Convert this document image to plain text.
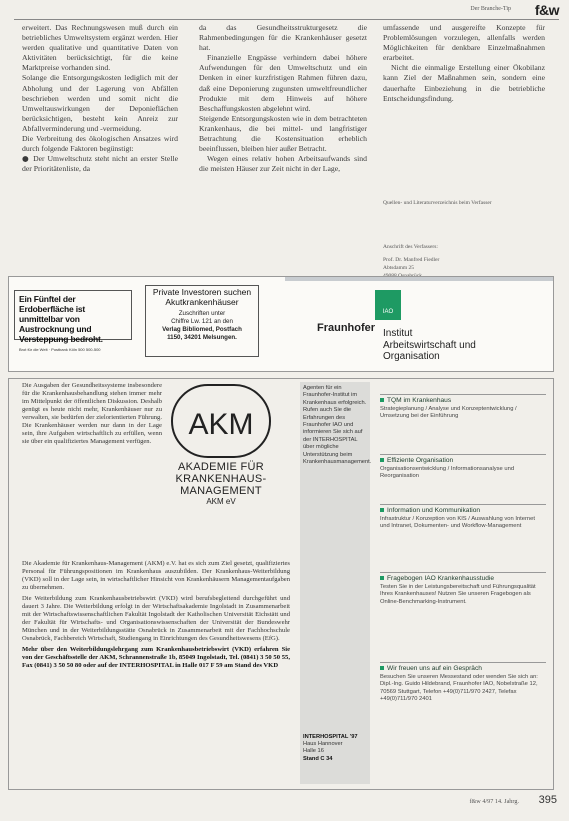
Der Branche-Tip f&w

erweitert. Das Rechnungswesen muß durch ein betriebliches Umweltsystem ergänzt werden. Hier werden qualitative und quantitative Daten von Aktivitäten berücksichtigt, für die keine Marktpreise vorhanden sind.

Solange die Entsorgungskosten lediglich mit der Abholung und der Lagerung von Abfällen beschrieben werden und somit nicht die Umweltauswirkungen der Deponieflächen berücksichtigen, besteht kein Anreiz zur Abfallverminderung und -vermeidung.

Die Verbreitung des ökologischen Ansatzes wird durch folgende Faktoren begünstigt:

● Der Umweltschutz steht nicht an erster Stelle der Prioritätenliste, da

da das Gesundheitsstrukturgesetz die Rahmenbedingungen für die Krankenhäuser gesetzt hat.

Finanzielle Engpässe verhindern dabei höhere Aufwendungen für den Umweltschutz und ein Denken in einer kurzfristigen Rahmen führen dazu, daß eine Deponierung zugunsten umweltfreundlicher Produkte mit dem Hinweis auf höhere Beschaffungskosten abgelehnt wird.

Steigende Entsorgungskosten wie in dem betrachteten Krankenhaus, die bei mittel- und langfristiger Betrachtung die Kostensituation erheblich beeinflussen, bleiben hier außer Betracht.

Wegen eines relativ hohen Arbeitsaufwands sind die meisten Häuser zur Zeit nicht in der Lage,

umfassende und ausgereifte Konzepte für Problemlösungen vorzulegen, allenfalls werden Möglichkeiten für denkbare Einzelmaßnahmen erarbeitet.

Nicht die einmalige Erstellung einer Ökobilanz kann Ziel der Maßnahmen sein, sondern eine dauerhafte Einbeziehung in die betriebliche Entscheidungsfindung.

Quellen- und Literaturverzeichnis beim Verfasser
Anschrift des Verfassers:
Prof. Dr. Manfred Fiedler
Abtsdamm 25
Ein Fünftel der Erdoberfläche ist unmittelbar von Austrocknung und Versteppung bedroht.
Brot für die Welt · Postbank Köln 500 500-500
Private Investoren suchen Akutkrankenhäuser
Zuschriften unter
Chiffre Lw. 121 an den
Verlag Bibliomed, Postfach
1150, 34201 Melsungen.
IAO
Fraunhofer Institut
Arbeitswirtschaft und
Organisation
Die Ausgaben der Gesundheitssysteme insbesondere für die Krankenhausbehandlung stehen immer mehr im Mittelpunkt der öffentlichen Diskussion. Deshalb genügt es heute nicht mehr, Krankenhäuser nur zu verwalten, sie bedürfen der zielorientierten Führung. Die Krankenhäuser werden nur dann in der Lage sein, ihre Aufgaben wirtschaftlich zu erfüllen, wenn sie über ein qualifiziertes Management verfügen.
AKM
AKADEMIE FÜR
KRANKENHAUS-
MANAGEMENT
AKM eV

Die Akademie für Krankenhaus-Management (AKM) e.V. hat es sich zum Ziel gesetzt, qualifiziertes Personal für Führungspositionen im Krankenhaus auszubilden. Der Krankenhaus-Weiterbildung (VKD) soll in der Lage sein, in wirtschaftlicher Hinsicht von Krankenhäusern Managementaufgaben zu übernehmen.

Die Weiterbildung zum Krankenhausbetriebswirt (VKD) wird berufsbegleitend durchgeführt und dauert 3 Jahre. Die Weiterbildung erfolgt in der Wirtschaftsakademie Ingolstadt in Zusammenarbeit mit der Wirtschaftswissenschaftlichen Fakultät Ingolstadt der Katholischen Universität Eichstätt und der Fakultät für Wirtschafts- und Organisationswissenschaften der Universität der Bundeswehr München und in der Weiterbildungsstätte Osnabrück in Zusammenarbeit mit der Fachhochschule Osnabrück, Fachbereich Wirtschaft, Studiengang in Einrichtungen des Gesundheitswesens (EfG).

Mehr über den Weiterbildungslehrgang zum Krankenhausbetriebswirt (VKD) erfahren Sie von der Geschäftsstelle der AKM, Schrannenstraße 1b, 85049 Ingolstadt, Tel. (0841) 3 50 50 55, Fax (0841) 3 50 50 80 oder auf der INTERHOSPITAL in Halle 017 F 59 am Stand des VKD

Agenten für ein Fraunhofer-Institut im Krankenhaus erfolgreich. Rufen auch Sie die Erfahrungen des Fraunhofer IAO und informieren Sie sich auf der INTERHOSPITAL über mögliche Unterstützung beim Krankenhausmanagement.
INTERHOSPITAL '97
Haus Hannover
Halle 16
Stand C 34
TQM im Krankenhaus
Strategieplanung / Analyse und Konzeptentwicklung / Umsetzung bei der Einführung
Effiziente Organisation
Organisationsentwicklung / Informationsanalyse und Reorganisation
Information und Kommunikation
Infrastruktur / Konzeption von KIS / Auswahlung von Internet und Intranet, Dokumenten- und Workflow-Management
Fragebogen IAO Krankenhausstudie
Testen Sie in der Leistungsbereitschaft und Führungsqualität Ihres Krankenhauses! Nutzen Sie unseren Fragebogen als Online-Benchmarking-Instrument.
Wir freuen uns auf ein Gespräch
Besuchen Sie unseren Messestand oder wenden Sie sich an: Dipl.-Ing. Guido Hildebrand, Fraunhofer IAO, Nobelstraße 12, 70569 Stuttgart, Telefon +49(0)711/970 2427, Telefax +49(0)711/970 2401
f&w 4/97 14. Jahrg. 395
